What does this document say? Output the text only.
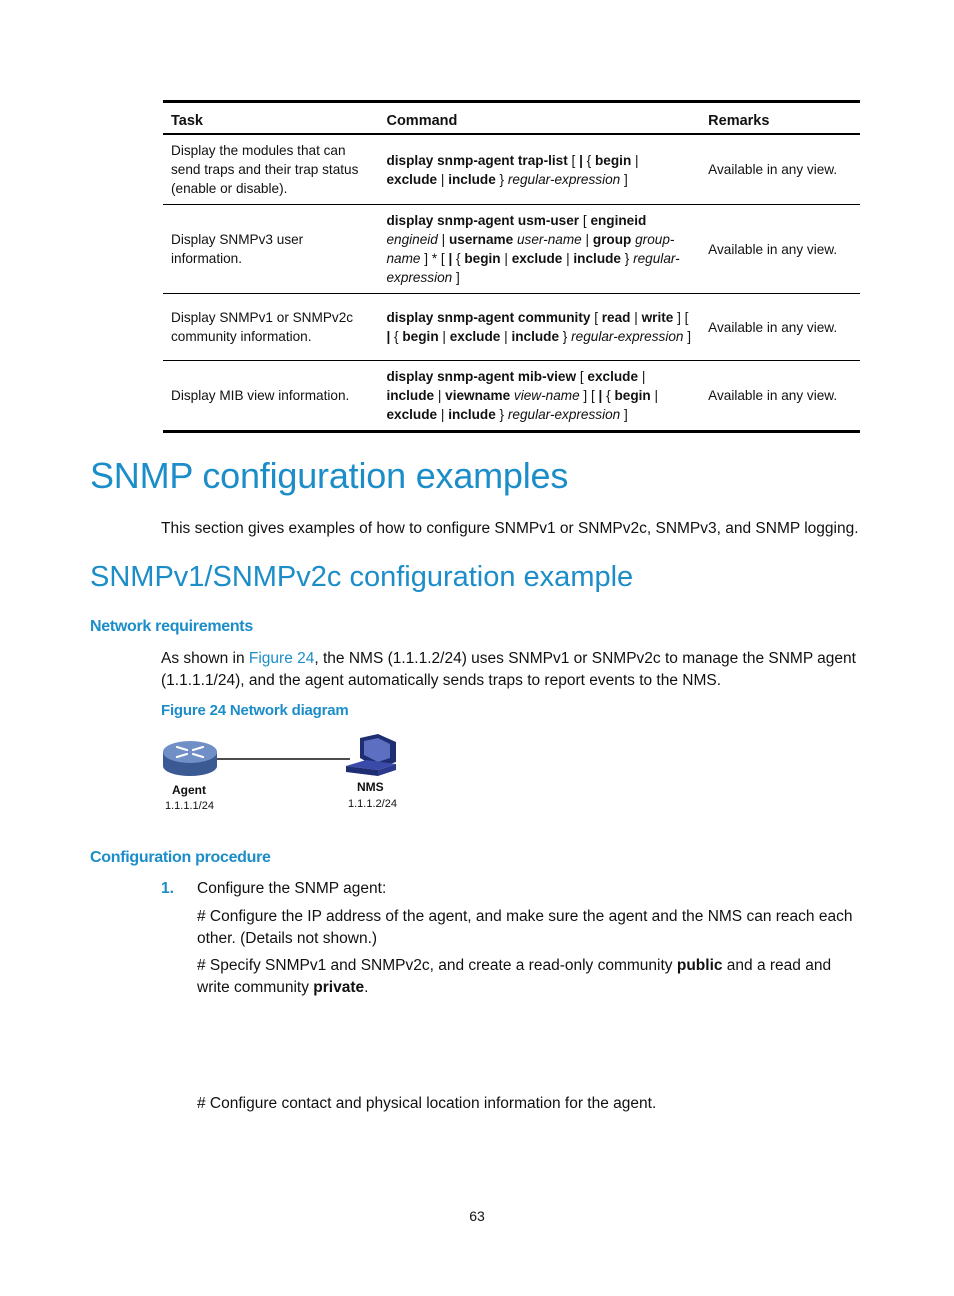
Task	Command	Remarks
Display the modules that can send traps and their trap status (enable or disable).	display snmp-agent trap-list [ | { begin | exclude | include } regular-expression ]	Available in any view.
Display SNMPv3 user information.	display snmp-agent usm-user [ engineid engineid | username user-name | group group-name ] * [ | { begin | exclude | include } regular-expression ]	Available in any view.
Display SNMPv1 or SNMPv2c community information.	display snmp-agent community [ read | write ] [ | { begin | exclude | include } regular-expression ]	Available in any view.
Display MIB view information.	display snmp-agent mib-view [ exclude | include | viewname view-name ] [ | { begin | exclude | include } regular-expression ]	Available in any view.
SNMP configuration examples
This section gives examples of how to configure SNMPv1 or SNMPv2c, SNMPv3, and SNMP logging.
SNMPv1/SNMPv2c configuration example
Network requirements
As shown in Figure 24, the NMS (1.1.1.2/24) uses SNMPv1 or SNMPv2c to manage the SNMP agent (1.1.1.1/24), and the agent automatically sends traps to report events to the NMS.
Figure 24 Network diagram
Agent
1.1.1.1/24
NMS
1.1.1.2/24
Configuration procedure
1. Configure the SNMP agent:
# Configure the IP address of the agent, and make sure the agent and the NMS can reach each other. (Details not shown.)
# Specify SNMPv1 and SNMPv2c, and create a read-only community public and a read and write community private.
# Configure contact and physical location information for the agent.
63
